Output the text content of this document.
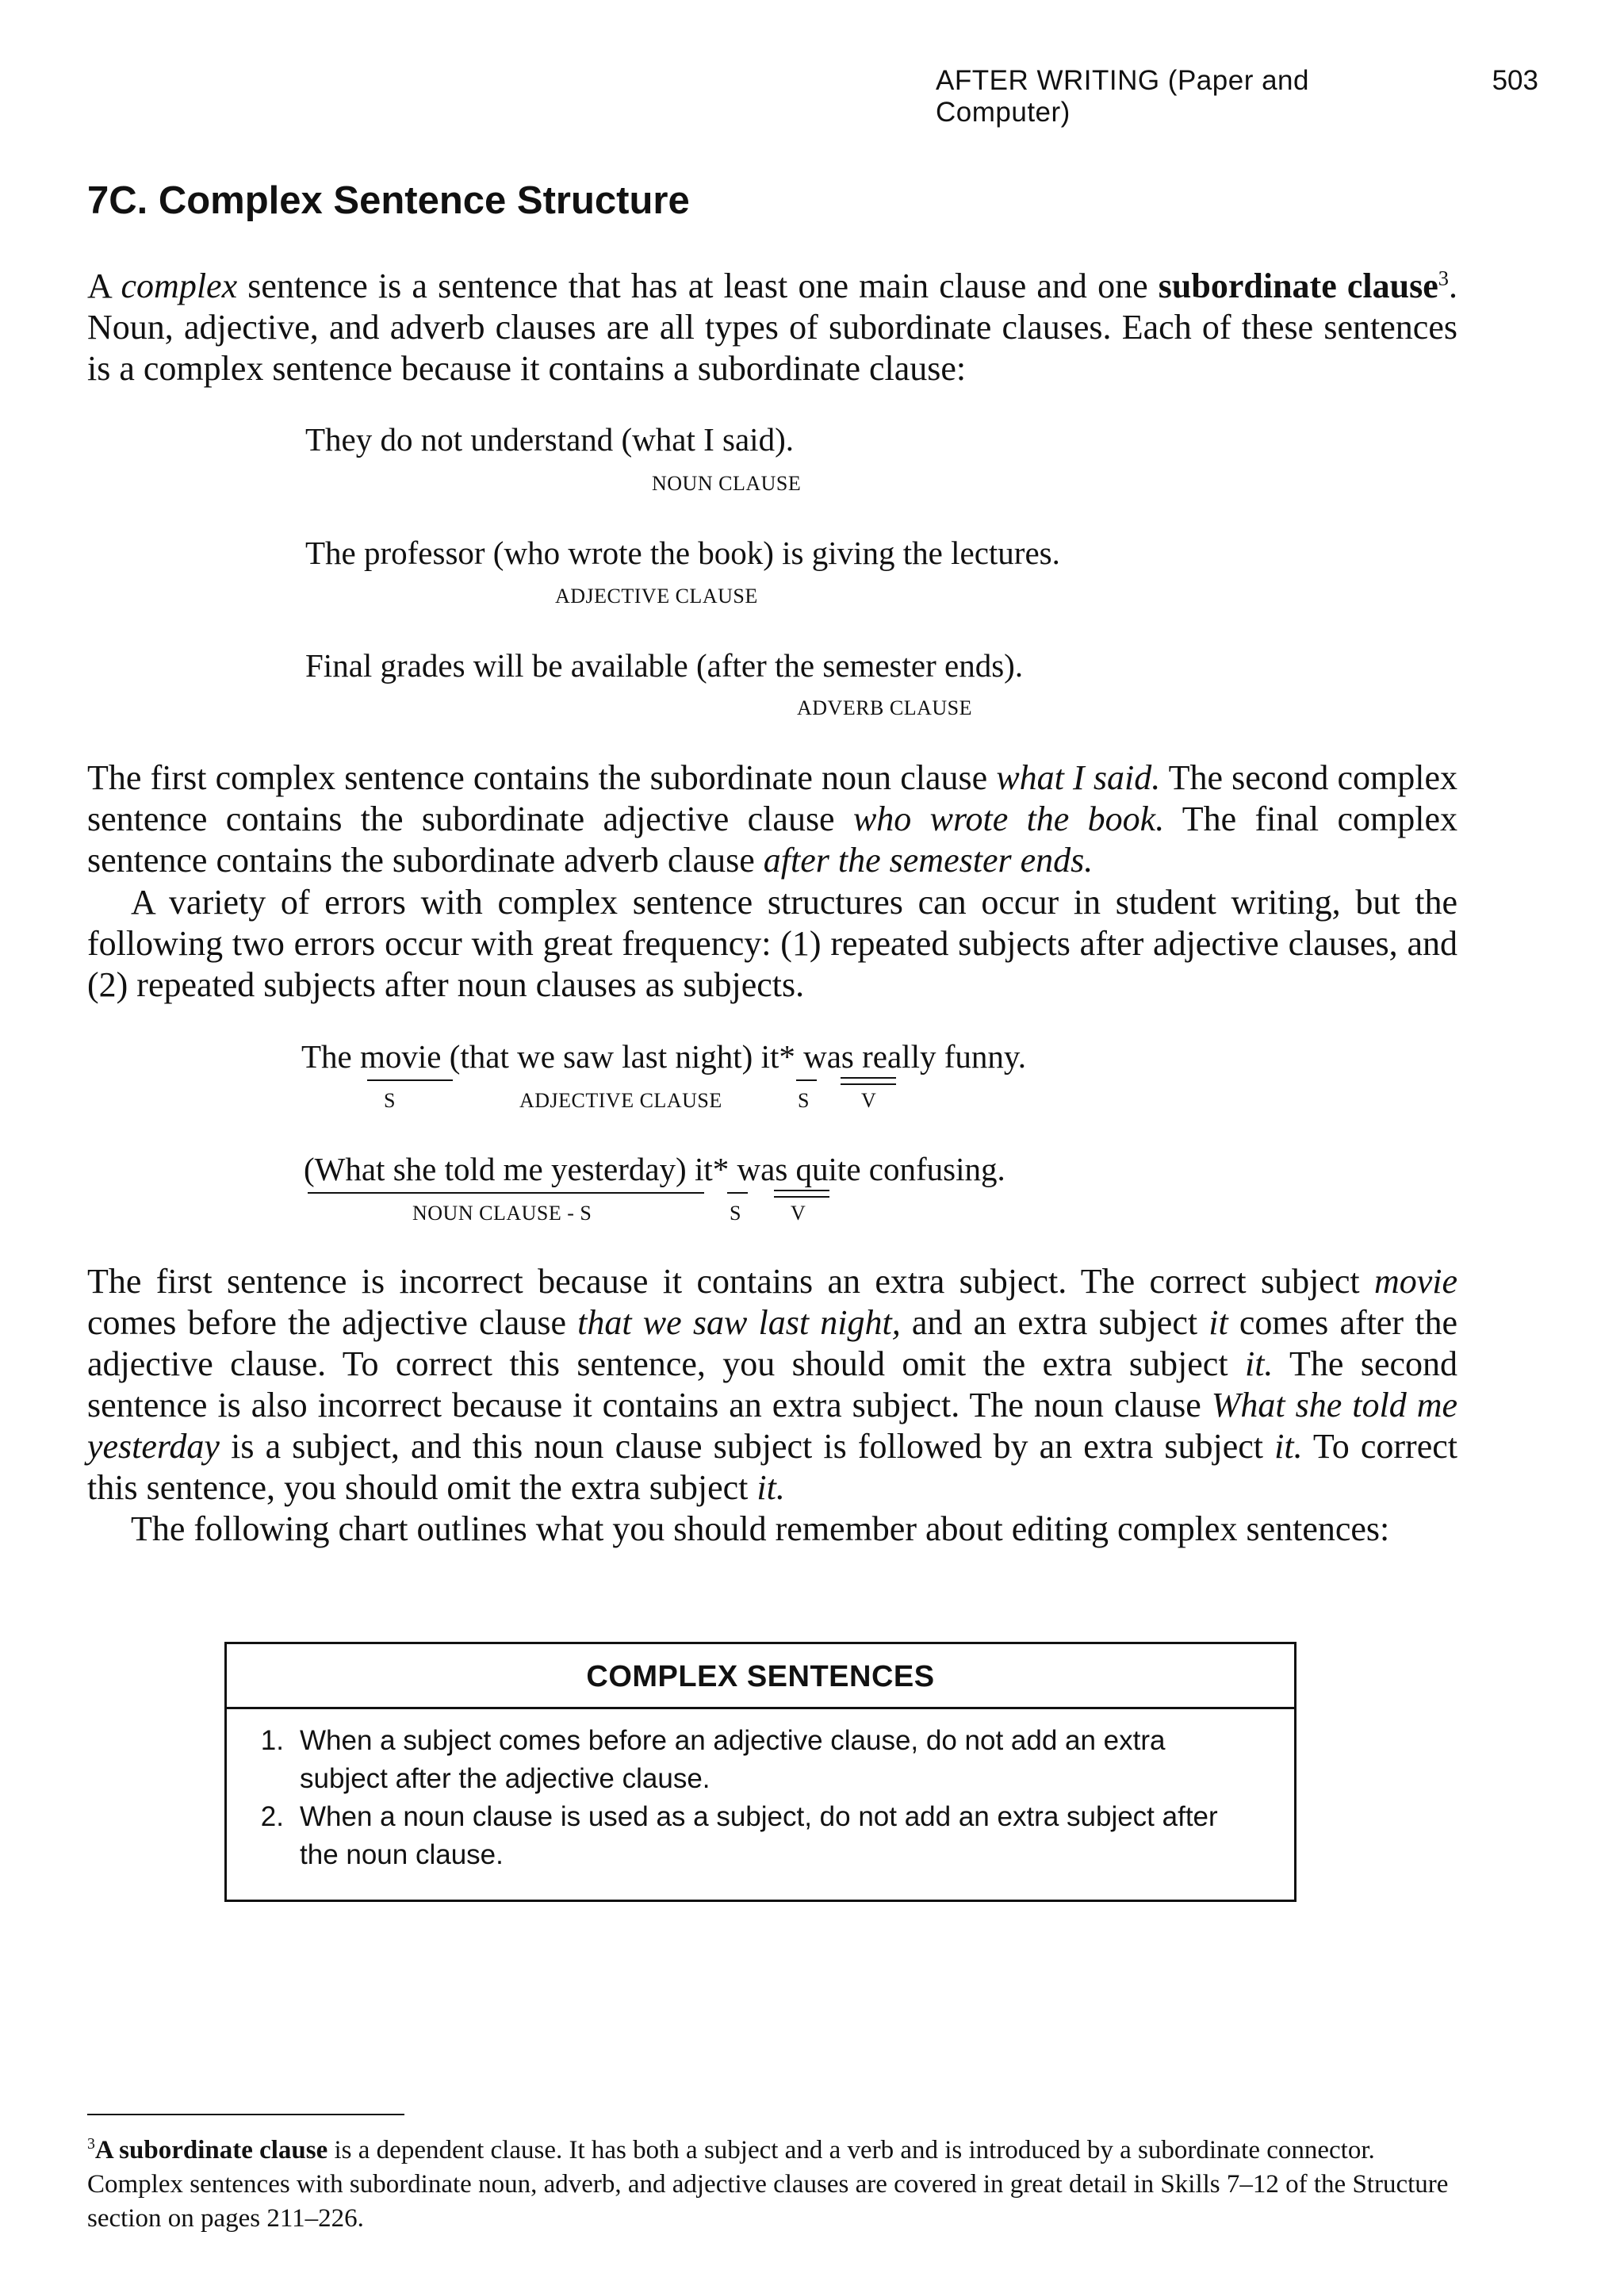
AFTER WRITING (Paper and Computer)
503
7C. Complex Sentence Structure

A complex sentence is a sentence that has at least one main clause and one subordinate clause$^3$. Noun, adjective, and adverb clauses are all types of subordinate clauses. Each of these sentences is a complex sentence because it contains a subordinate clause:

They do not understand (what I said).
NOUN CLAUSE
The professor (who wrote the book) is giving the lectures.
ADJECTIVE CLAUSE
Final grades will be available (after the semester ends).
ADVERB CLAUSE

The first complex sentence contains the subordinate noun clause what I said. The second complex sentence contains the subordinate adjective clause who wrote the book. The final complex sentence contains the subordinate adverb clause after the semester ends.

A variety of errors with complex sentence structures can occur in student writing, but the following two errors occur with great frequency: (1) repeated subjects after adjective clauses, and (2) repeated subjects after noun clauses as subjects.

The movie (that we saw last night) it* was really funny.
S	ADJECTIVE CLAUSE	S	V
(What she told me yesterday) it* was quite confusing.
NOUN CLAUSE - S	S V

The first sentence is incorrect because it contains an extra subject. The correct subject movie comes before the adjective clause that we saw last night, and an extra subject it comes after the adjective clause. To correct this sentence, you should omit the extra subject it. The second sentence is also incorrect because it contains an extra subject. The noun clause What she told me yesterday is a subject, and this noun clause subject is followed by an extra subject it. To correct this sentence, you should omit the extra subject it.

The following chart outlines what you should remember about editing complex sentences:

COMPLEX SENTENCES
1. When a subject comes before an adjective clause, do not add an extra subject after the adjective clause.
2. When a noun clause is used as a subject, do not add an extra subject after the noun clause.

$^3$A subordinate clause is a dependent clause. It has both a subject and a verb and is introduced by a subordinate connector. Complex sentences with subordinate noun, adverb, and adjective clauses are covered in great detail in Skills 7–12 of the Structure section on pages 211–226.
